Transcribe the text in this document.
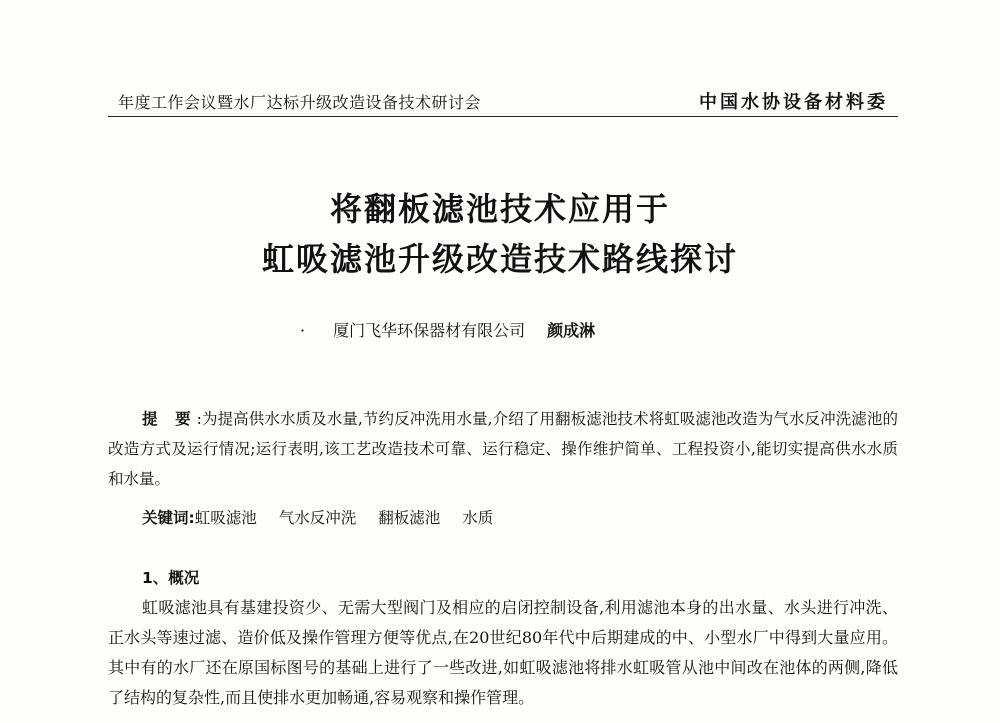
年度工作会议暨水厂达标升级改造设备技术研讨会	中国水协设备材料委
将翻板滤池技术应用于
虹吸滤池升级改造技术路线探讨
· 厦门飞华环保器材有限公司 颜成淋
提 要:为提高供水水质及水量,节约反冲洗用水量,介绍了用翻板滤池技术将虹吸滤池改造为气水反冲洗滤池的改造方式及运行情况;运行表明,该工艺改造技术可靠、运行稳定、操作维护简单、工程投资小,能切实提高供水水质和水量。
关键词:虹吸滤池 气水反冲洗 翻板滤池 水质
1、概况
虹吸滤池具有基建投资少、无需大型阀门及相应的启闭控制设备,利用滤池本身的出水量、水头进行冲洗、正水头等速过滤、造价低及操作管理方便等优点,在20世纪80年代中后期建成的中、小型水厂中得到大量应用。其中有的水厂还在原国标图号的基础上进行了一些改进,如虹吸滤池将排水虹吸管从池中间改在池体的两侧,降低了结构的复杂性,而且使排水更加畅通,容易观察和操作管理。
